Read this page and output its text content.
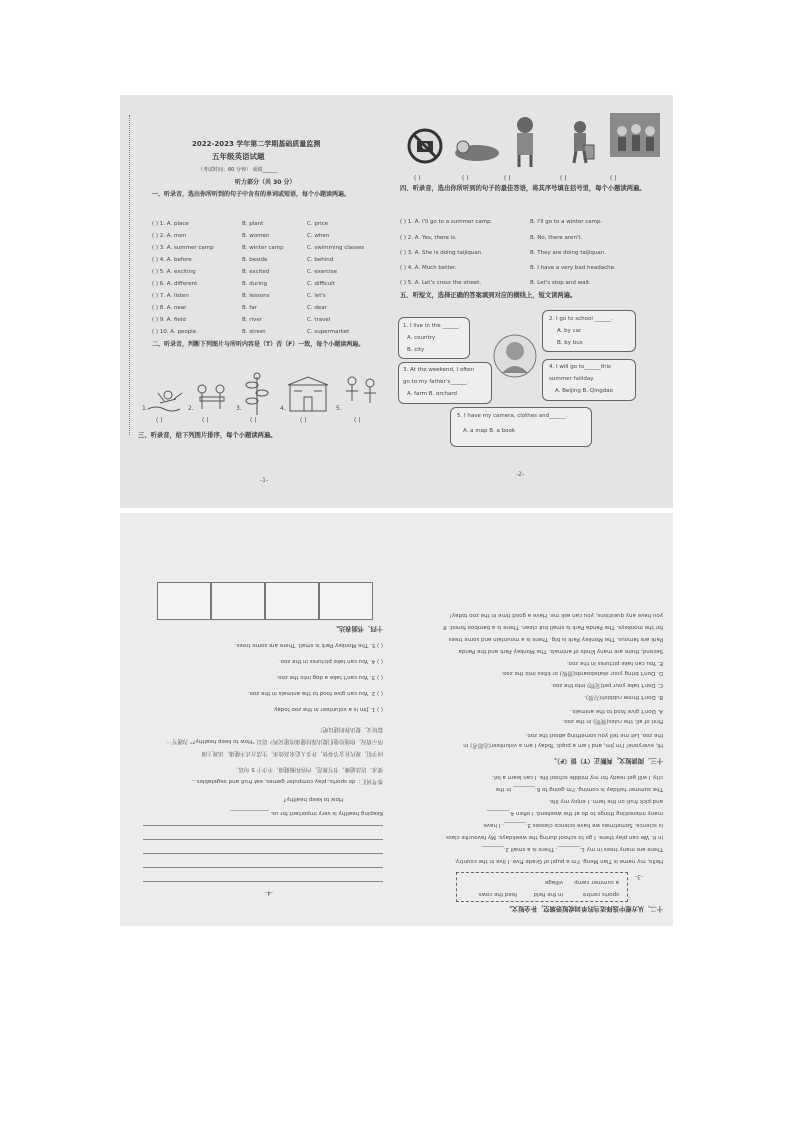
2022-2023 学年第二学期基础质量监测
五年级英语试题
（考试时间：60 分钟） 成绩______
听力部分（共 30 分）
一、听录音，选出你所听到的句子中含有的单词或短语，每个小题读两遍。
( ) 1. A. place	B. plant	C. price
( ) 2. A. men	B. women	C. when
( ) 3. A. summer camp	B. winter camp	C. swimming classes
( ) 4. A. before	B. beside	C. behind
( ) 5. A. exciting	B. excited	C. exercise
( ) 6. A. different	B. during	C. difficult
( ) 7. A. listen	B. lessons	C. let's
( ) 8. A. near	B. far	C. dear
( ) 9. A. field	B. river	C. travel
( ) 10. A. people	B. street	C. supermarket
二、听录音，判断下列图片与所听内容是（T）否（F）一致，每个小题读两遍。
1.	2.	3.	4.	5.
( )	( )	( )	( )	( )
三、听录音，给下列图片排序，每个小题读两遍。
-1-
( )	( )	( )	( )	( )
四、听录音，选出你所听到的句子的最佳答语，将其序号填在括号里，每个小题读两遍。
( ) 1. A. I'll go to a summer camp.	B. I'll go to a winter camp.
( ) 2. A. Yes, there is.	B. No, there aren't.
( ) 3. A. She is doing taijiquan.	B. They are doing taijiquan.
( ) 4. A. Much better.	B. I have a very bad headache.
( ) 5. A. Let's cross the street.	B. Let's stop and wait.
五、听短文，选择正确的答案填到对应的横线上，短文读两遍。
1. I live in the ______.
A. country
B. city
2. I go to school ______.
A. by car
B. by bus
3. At the weekend, I often
go to my father's______.
A. farm B. orchard
4. I will go to______this
summer holiday.
A. Beijing B. Qingdao
5. I have my camera, clothes and______.
A. a map B. a book
-2-
十二、从方框中选择适当的单词或短语填空，补全短文。
sports centre
in the field
feed the cows
a summer camp
village
Hello, my name is Tian Meng. I'm a pupil of Grade Five. I live in the country.
There are many trees in my 1.________. There is a small 2.________
in it. We can play there. I go to school during the weekdays. My favourite class
is science. Sometimes we have science classes 3.________. I have
many interesting things to do at the weekend. I often 4.________
and pick fruit on the farm. I enjoy my life.
The summer holiday is coming. I'm going to 6.________ in the
city. I will get ready for my middle school life. I can learn a lot.
十三、阅读短文，判断正（T）误（F）。
Hi, everyone! I'm Jim, and I am a pupil. Today I am a volunteer(志愿者) in
the zoo. Let me tell you something about the zoo.
First of all, the rules(规则) in the zoo.
A. Don't give food to the animals.
B. Don't throw rubbish(垃圾).
C. Don't take your pet(宠物) into the zoo.
D. Don't bring your skateboards(滑板) or kites into the zoo.
E. You can take pictures in the zoo.
Second, there are many kinds of animals. The Monkey Park and the Panda
Park are famous. The Monkey Park is big. There is a mountain and some trees
for the monkeys. The Panda Park is small but clean. There is a bamboo forest. If
you have any questions, you can ask me. Have a good time in the zoo today!
( ) 1. Jim is a volunteer in the zoo today.
( ) 2. You can give food to the animals in the zoo.
( ) 3. You can't take a dog into the zoo.
( ) 4. You can take pictures in the zoo.
( ) 5. The Monkey Park is small. There are some trees.
十四、书面表达。
同学们，现代社会节奏快，许多人追求高效率，生活方式不健康，出现上图
所示情况。你能给他们提出保持健康的建议吗？请以 "How to keep healthy?" 为题写一
篇短文，提出你的建议吧！
要求：语法通顺，书写规范，内容积极健康，不少于 5 句话。
参考词汇：do sports, play computer games, eat fruit and vegetables...
How to keep healthy?
Keeping healthy is very important for us. ______________
-3-
-4-
